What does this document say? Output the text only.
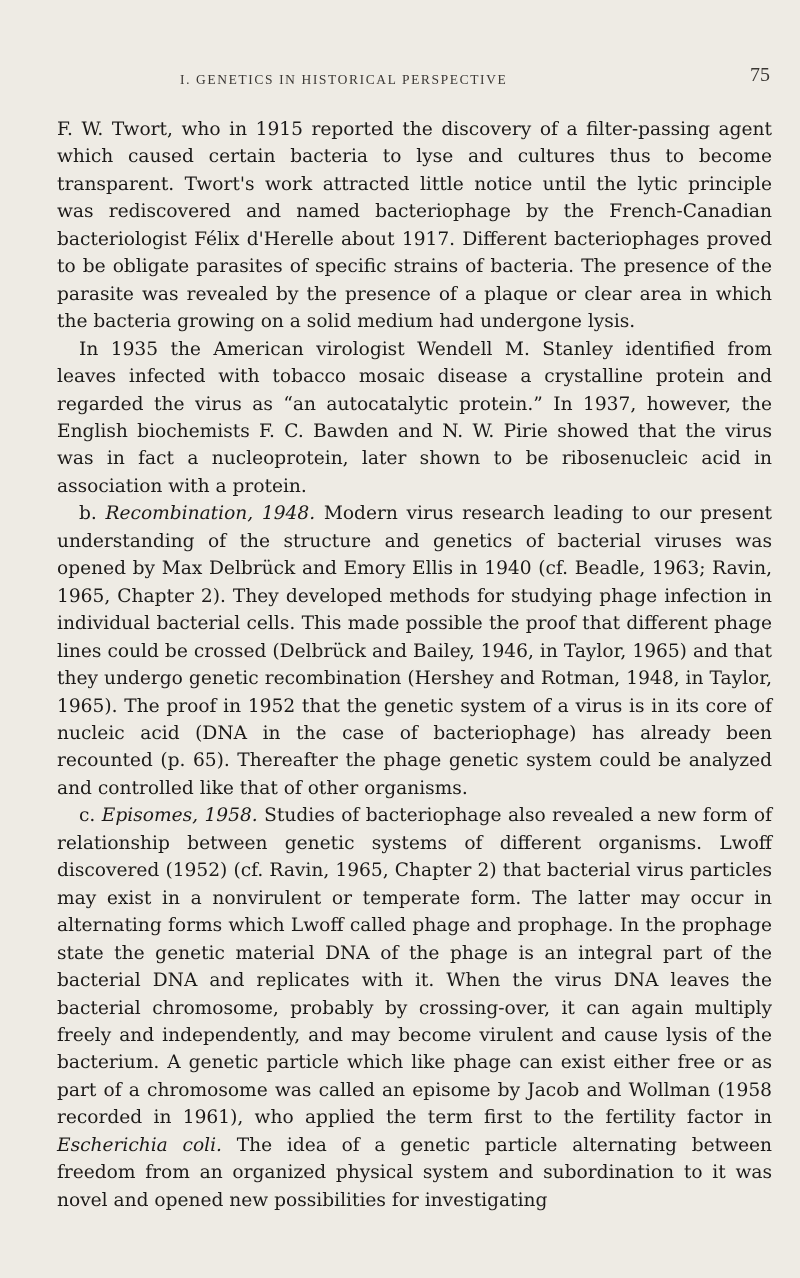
I. GENETICS IN HISTORICAL PERSPECTIVE	75

F. W. Twort, who in 1915 reported the discovery of a filter-passing agent which caused certain bacteria to lyse and cultures thus to become transparent. Twort's work attracted little notice until the lytic principle was rediscovered and named bacteriophage by the French-Canadian bacteriologist Félix d'Herelle about 1917. Different bacteriophages proved to be obligate parasites of specific strains of bacteria. The presence of the parasite was revealed by the presence of a plaque or clear area in which the bacteria growing on a solid medium had undergone lysis.

In 1935 the American virologist Wendell M. Stanley identified from leaves infected with tobacco mosaic disease a crystalline protein and regarded the virus as “an autocatalytic protein.” In 1937, however, the English biochemists F. C. Bawden and N. W. Pirie showed that the virus was in fact a nucleoprotein, later shown to be ribosenucleic acid in association with a protein.

b. Recombination, 1948. Modern virus research leading to our present understanding of the structure and genetics of bacterial viruses was opened by Max Delbrück and Emory Ellis in 1940 (cf. Beadle, 1963; Ravin, 1965, Chapter 2). They developed methods for studying phage infection in individual bacterial cells. This made possible the proof that different phage lines could be crossed (Delbrück and Bailey, 1946, in Taylor, 1965) and that they undergo genetic recombination (Hershey and Rotman, 1948, in Taylor, 1965). The proof in 1952 that the genetic system of a virus is in its core of nucleic acid (DNA in the case of bacteriophage) has already been recounted (p. 65). Thereafter the phage genetic system could be analyzed and controlled like that of other organisms.

c. Episomes, 1958. Studies of bacteriophage also revealed a new form of relationship between genetic systems of different organisms. Lwoff discovered (1952) (cf. Ravin, 1965, Chapter 2) that bacterial virus particles may exist in a nonvirulent or temperate form. The latter may occur in alternating forms which Lwoff called phage and prophage. In the prophage state the genetic material DNA of the phage is an integral part of the bacterial DNA and replicates with it. When the virus DNA leaves the bacterial chromosome, probably by crossing-over, it can again multiply freely and independently, and may become virulent and cause lysis of the bacterium. A genetic particle which like phage can exist either free or as part of a chromosome was called an episome by Jacob and Wollman (1958 recorded in 1961), who applied the term first to the fertility factor in Escherichia coli. The idea of a genetic particle alternating between freedom from an organized physical system and subordination to it was novel and opened new possibilities for investigating
